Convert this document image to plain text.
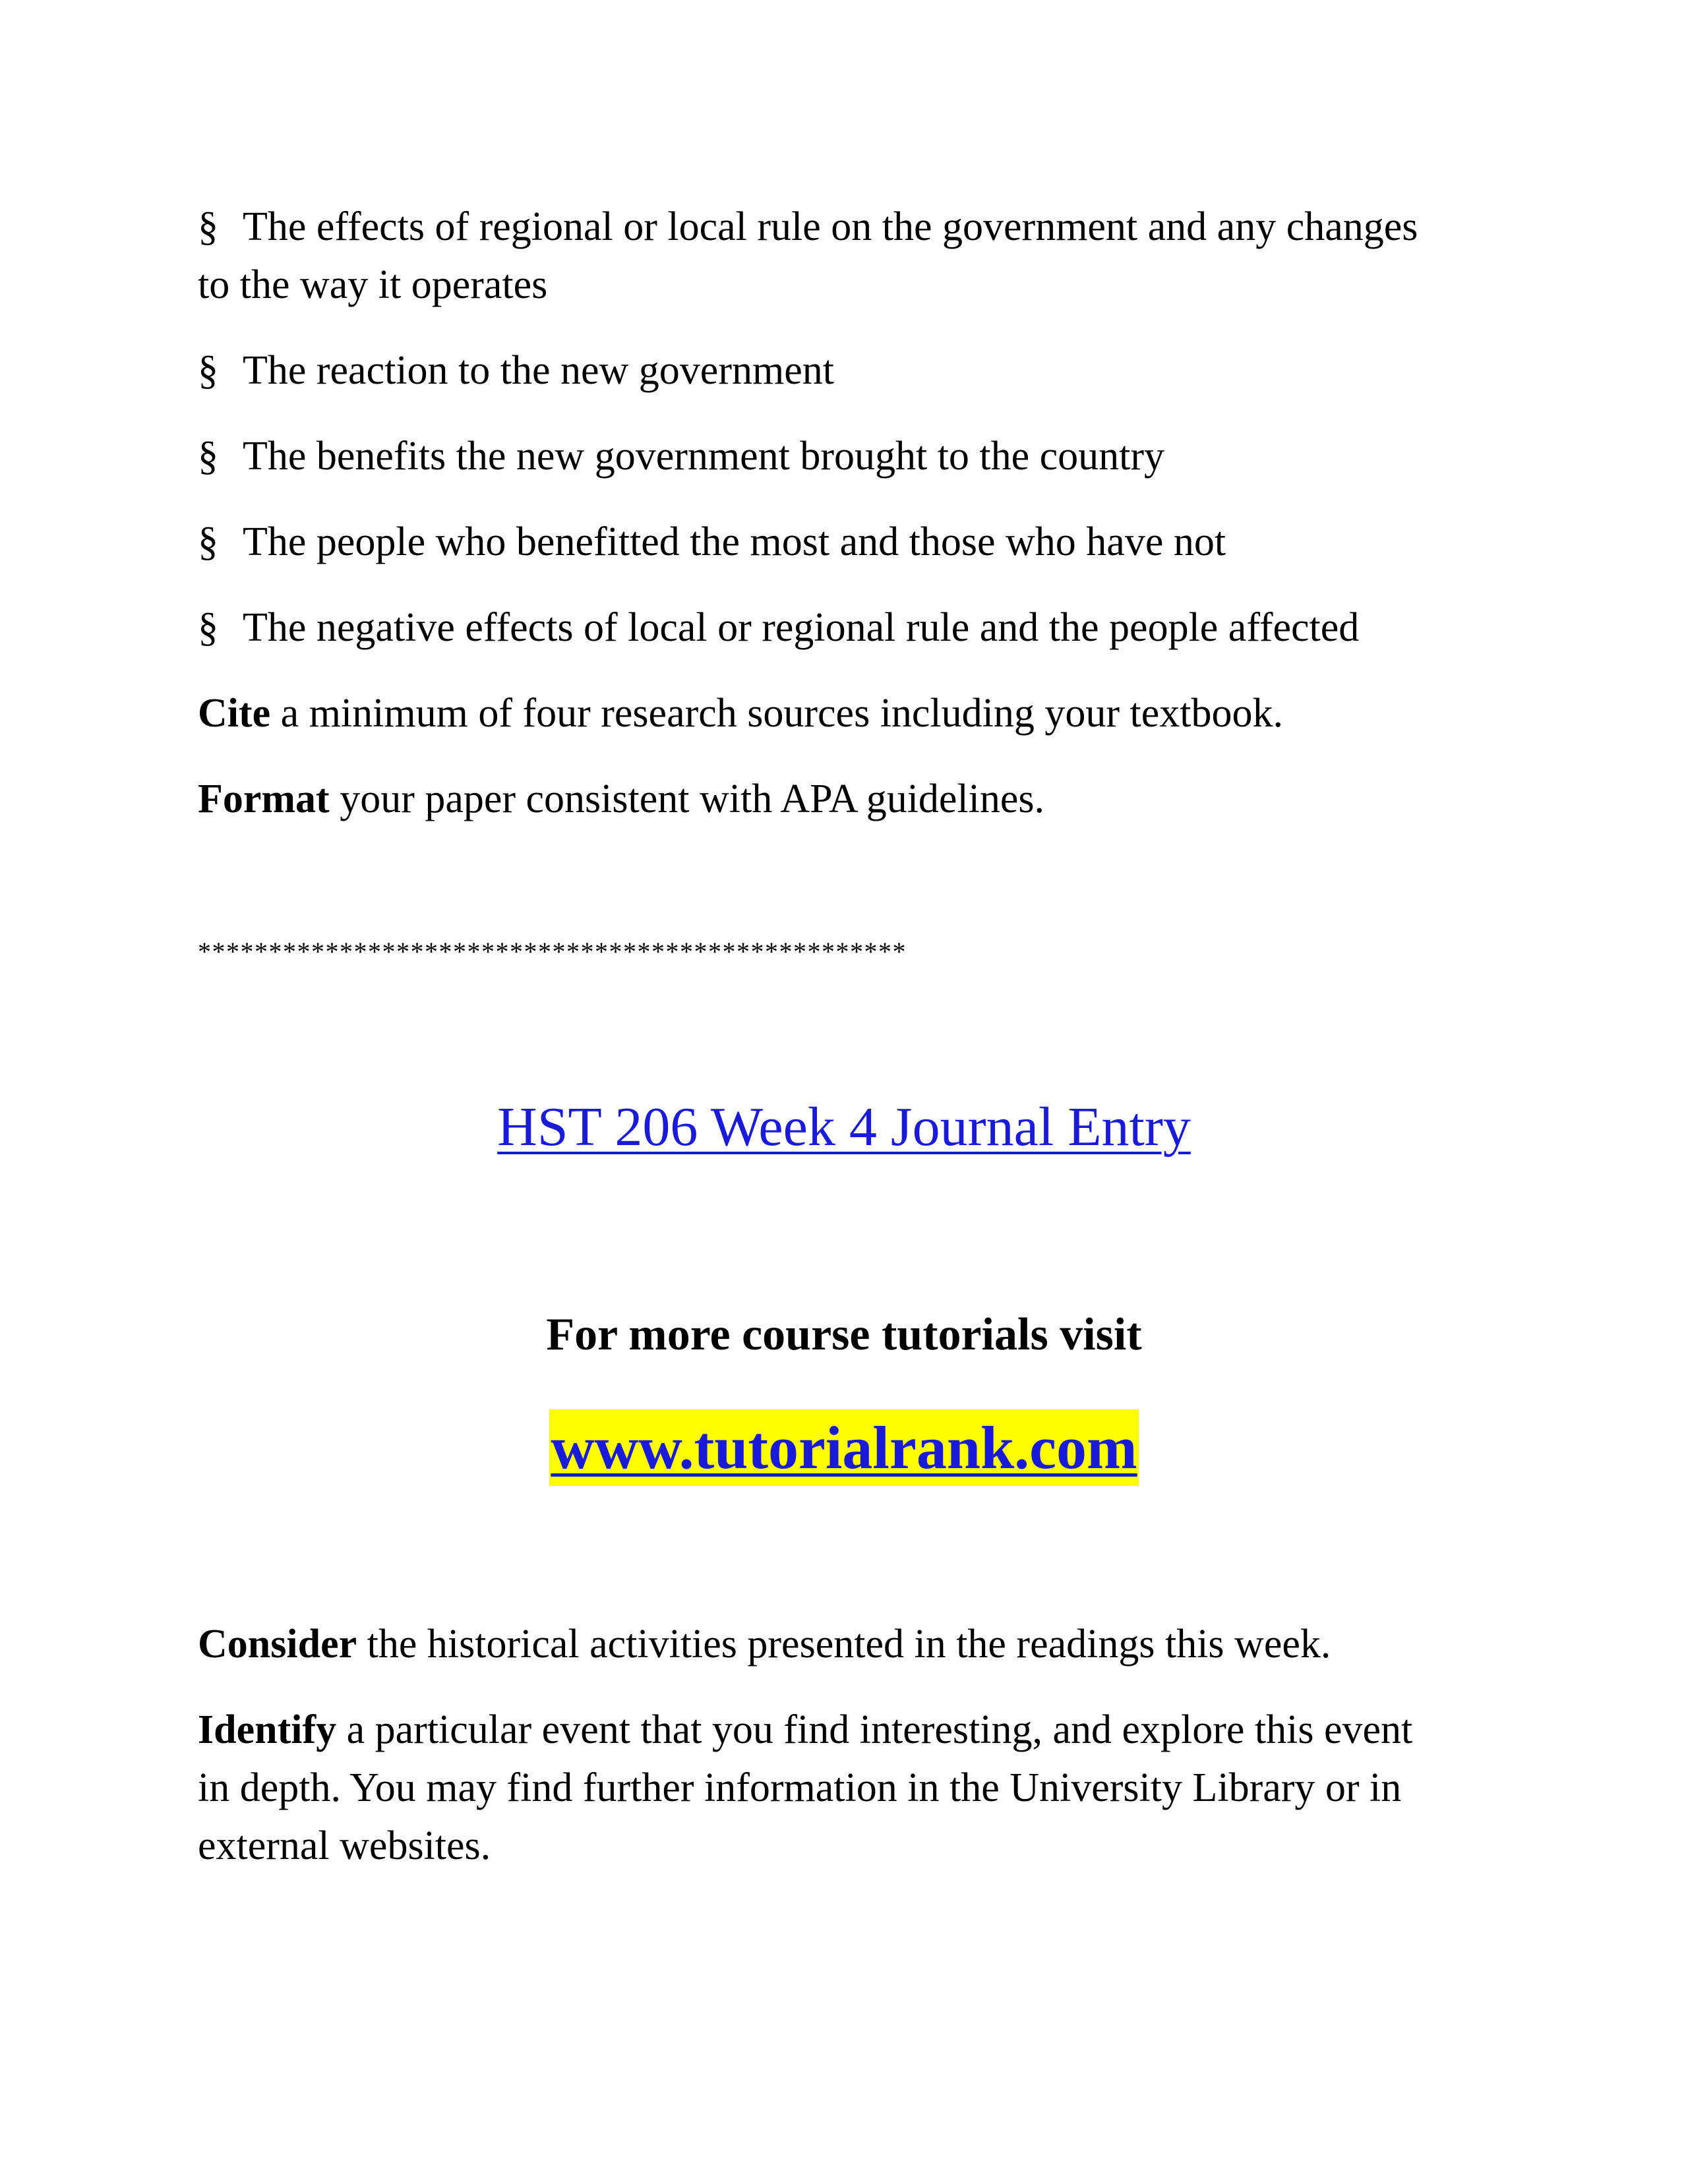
§ The effects of regional or local rule on the government and any changes to the way it operates
§ The reaction to the new government
§ The benefits the new government brought to the country
§ The people who benefitted the most and those who have not
§ The negative effects of local or regional rule and the people affected
Cite a minimum of four research sources including your textbook.
Format your paper consistent with APA guidelines.
**************************************************
HST 206 Week 4 Journal Entry
For more course tutorials visit
www.tutorialrank.com
Consider the historical activities presented in the readings this week.
Identify a particular event that you find interesting, and explore this event in depth. You may find further information in the University Library or in external websites.
